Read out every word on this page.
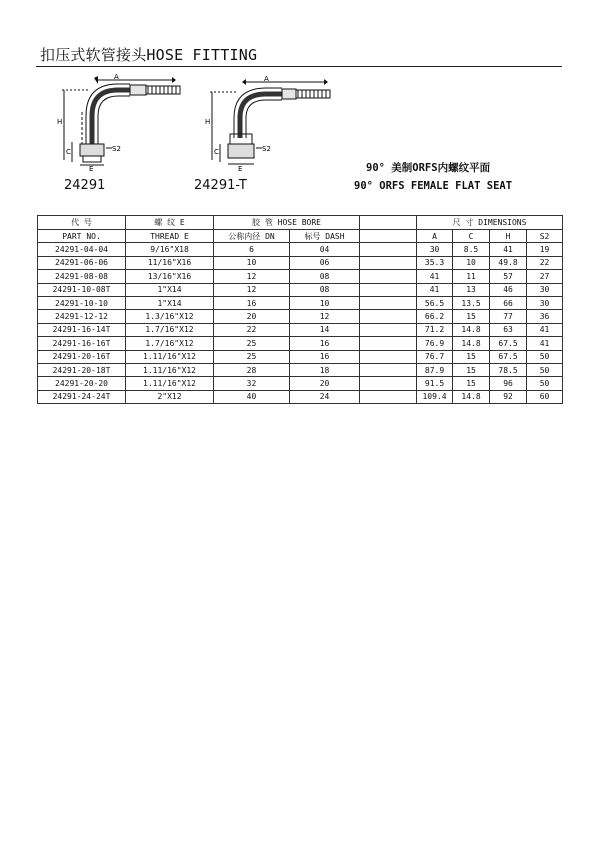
扣压式软管接头HOSE FITTING
A
H
C
E
S2
24291
A
H
C
E
S2
24291-T
90° 美制ORFS内螺纹平面
90° ORFS FEMALE FLAT SEAT
代 号	螺 纹 E	胶 管 HOSE BORE			尺 寸 DIMENSIONS			
PART NO.	THREAD E	公称内径 DN	标号 DASH		A	C	H	S2
24291-04-04	9/16"X18	6	04		30	8.5	41	19
24291-06-06	11/16"X16	10	06		35.3	10	49.8	22
24291-08-08	13/16"X16	12	08		41	11	57	27
24291-10-08T	1"X14	12	08		41	13	46	30
24291-10-10	1"X14	16	10		56.5	13.5	66	30
24291-12-12	1.3/16"X12	20	12		66.2	15	77	36
24291-16-14T	1.7/16"X12	22	14		71.2	14.8	63	41
24291-16-16T	1.7/16"X12	25	16		76.9	14.8	67.5	41
24291-20-16T	1.11/16"X12	25	16		76.7	15	67.5	50
24291-20-18T	1.11/16"X12	28	18		87.9	15	78.5	50
24291-20-20	1.11/16"X12	32	20		91.5	15	96	50
24291-24-24T	2"X12	40	24		109.4	14.8	92	60
